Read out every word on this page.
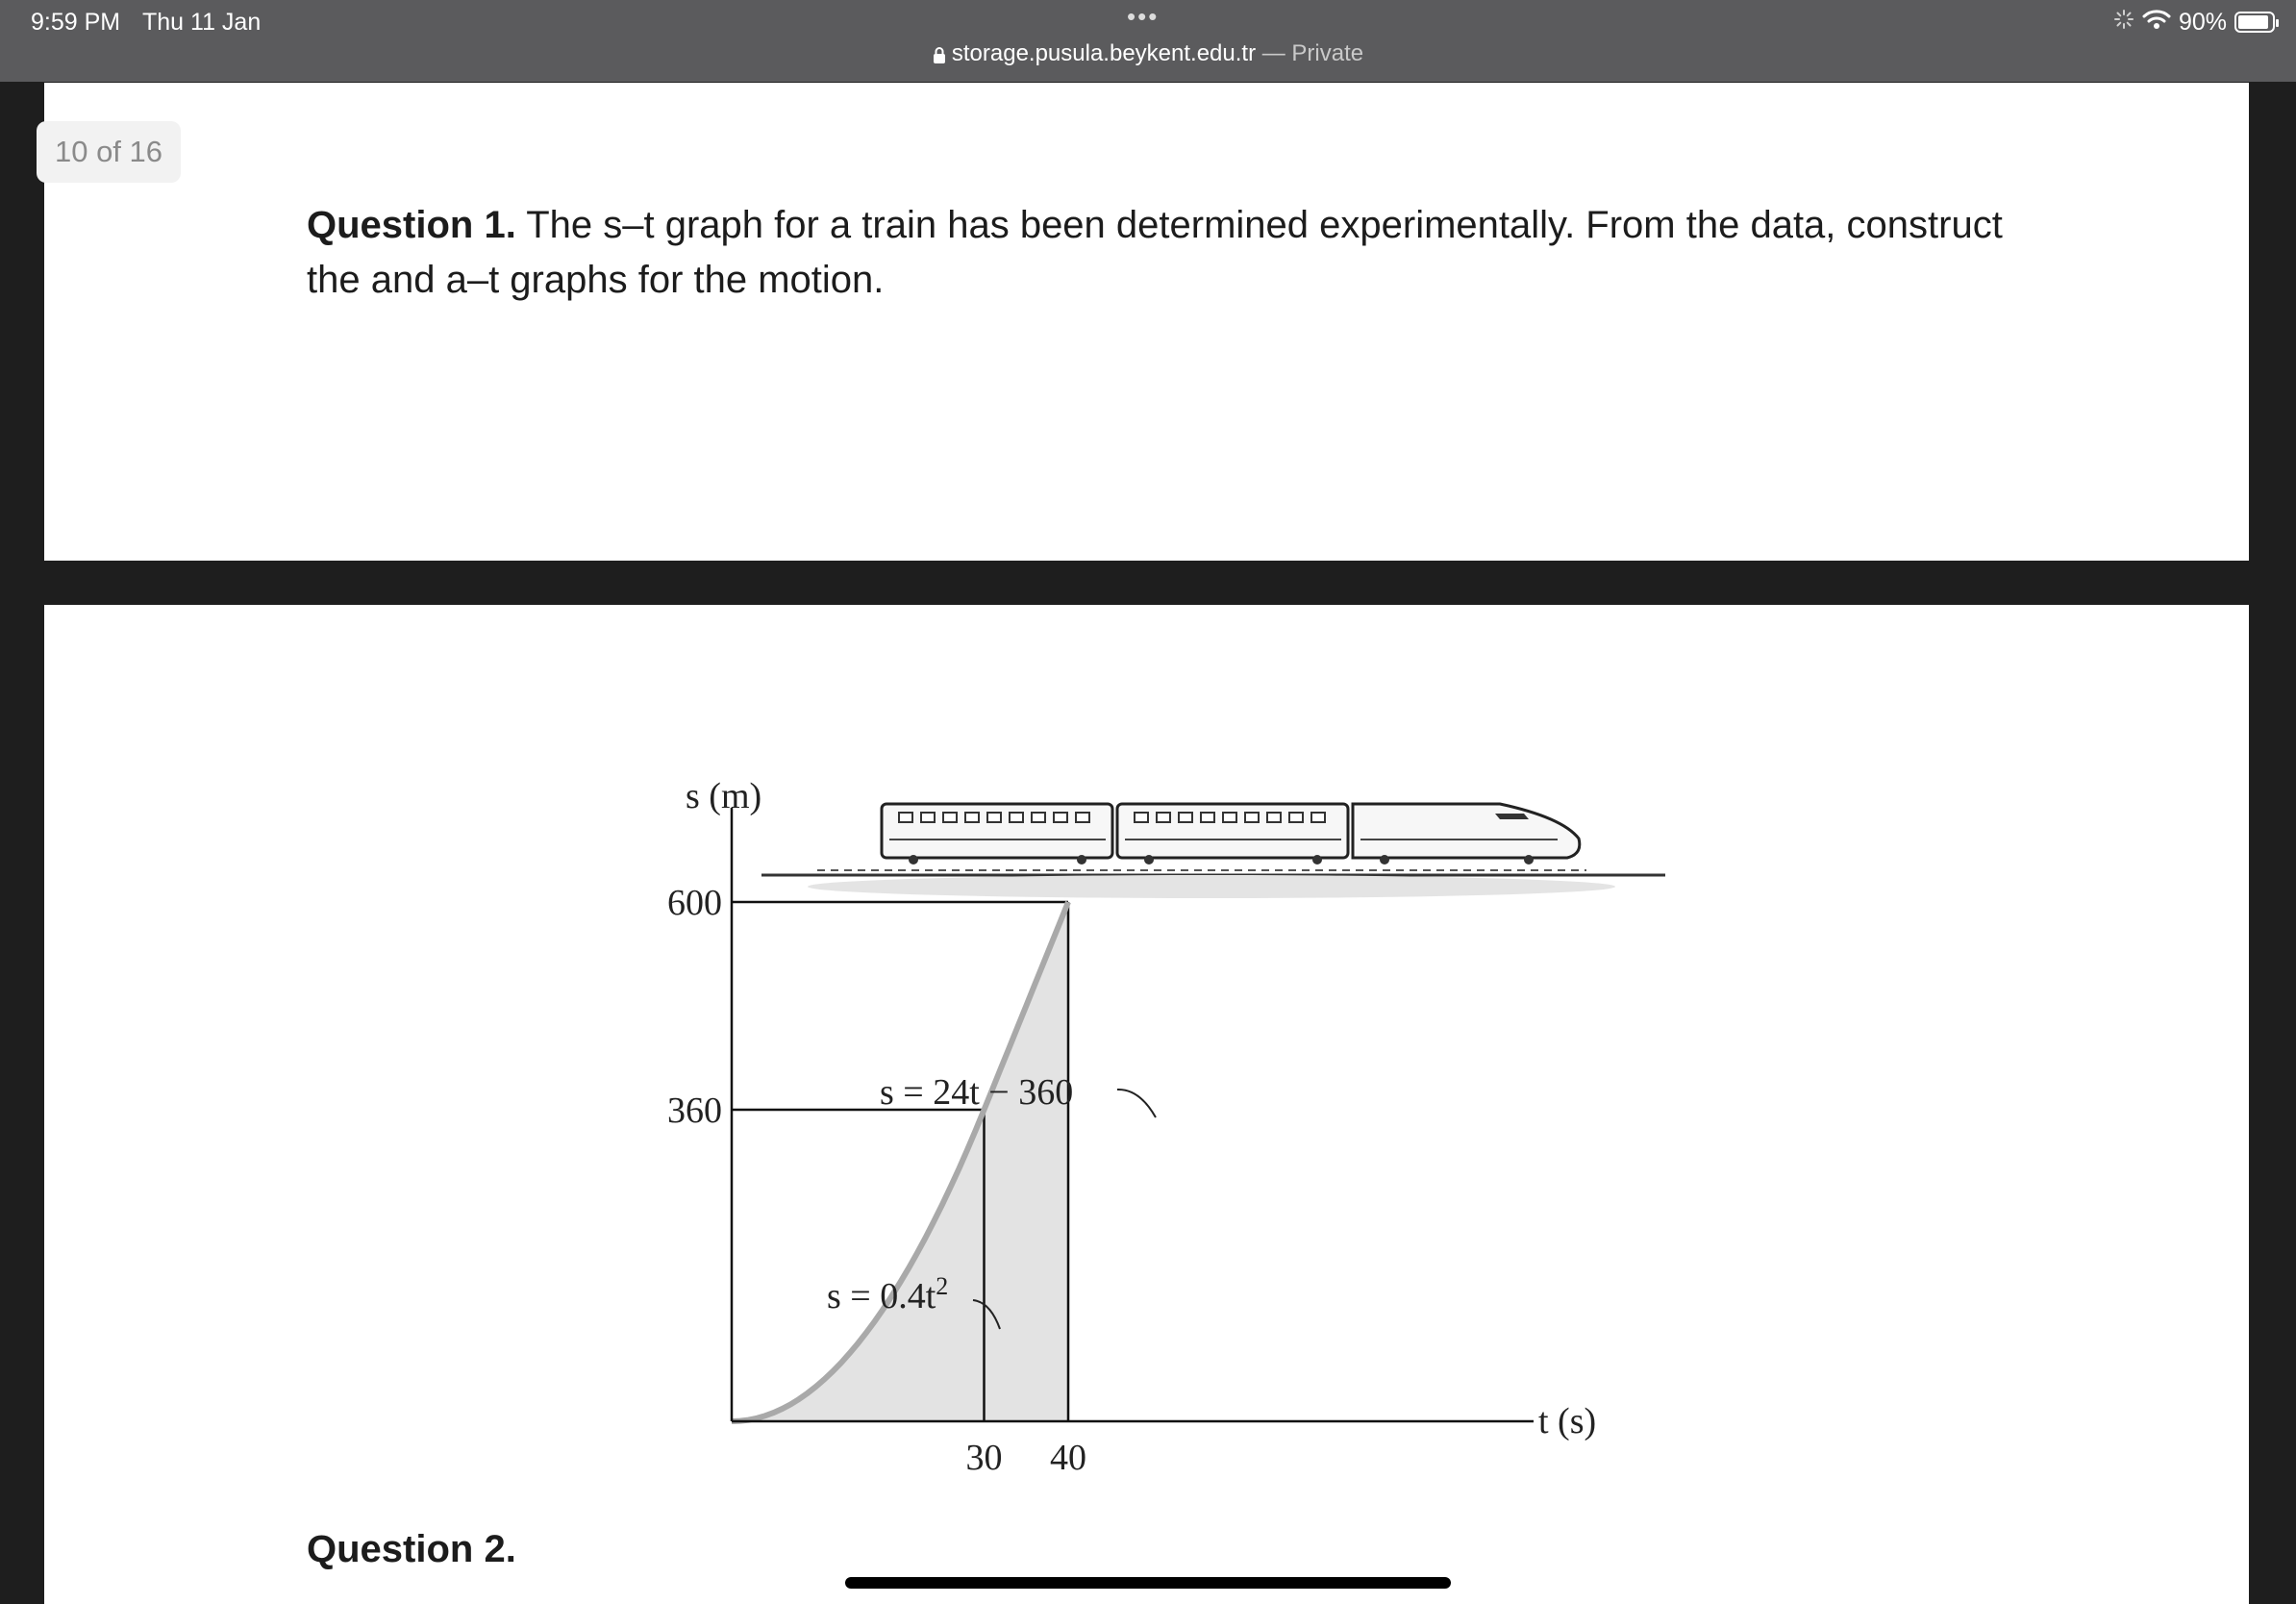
9:59 PM Thu 11 Jan	•••
storage.pusula.beykent.edu.tr — Private
90%
10 of 16
Question 1. The s–t graph for a train has been determined experimentally. From the data, construct the and a–t graphs for the motion.
s (m)
t (s)
360
600
30 40
s = 24t − 360
$s = 0.4t^2$
Question 2.
